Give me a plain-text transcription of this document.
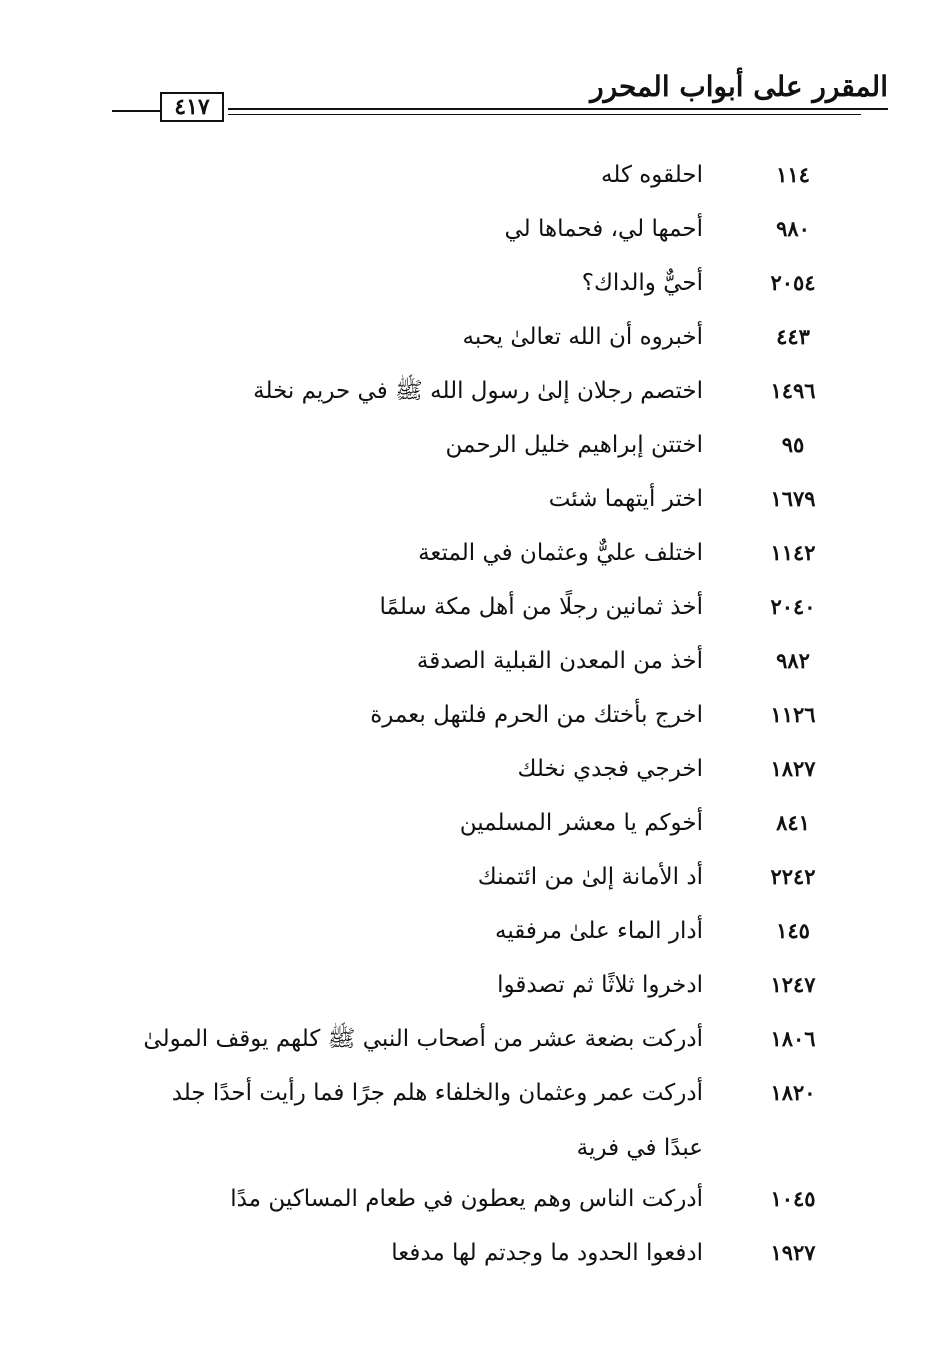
المقرر على أبواب المحرر
٤١٧
١١٤
احلقوه كله
٩٨٠
أحمها لي، فحماها لي
٢٠٥٤
أحيٌّ والداك؟
٤٤٣
أخبروه أن الله تعالىٰ يحبه
١٤٩٦
اختصم رجلان إلىٰ رسول الله ﷺ في حريم نخلة
٩٥
اختتن إبراهيم خليل الرحمن
١٦٧٩
اختر أيتهما شئت
١١٤٢
اختلف عليٌّ وعثمان في المتعة
٢٠٤٠
أخذ ثمانين رجلًا من أهل مكة سلمًا
٩٨٢
أخذ من المعدن القبلية الصدقة
١١٢٦
اخرج بأختك من الحرم فلتهل بعمرة
١٨٢٧
اخرجي فجدي نخلك
٨٤١
أخوكم يا معشر المسلمين
٢٢٤٢
أد الأمانة إلىٰ من ائتمنك
١٤٥
أدار الماء علىٰ مرفقيه
١٢٤٧
ادخروا ثلاثًا ثم تصدقوا
١٨٠٦
أدركت بضعة عشر من أصحاب النبي ﷺ كلهم يوقف المولىٰ
١٨٢٠
أدركت عمر وعثمان والخلفاء هلم جرًا فما رأيت أحدًا جلد
عبدًا في فرية
١٠٤٥
أدركت الناس وهم يعطون في طعام المساكين مدًا
١٩٢٧
ادفعوا الحدود ما وجدتم لها مدفعا
